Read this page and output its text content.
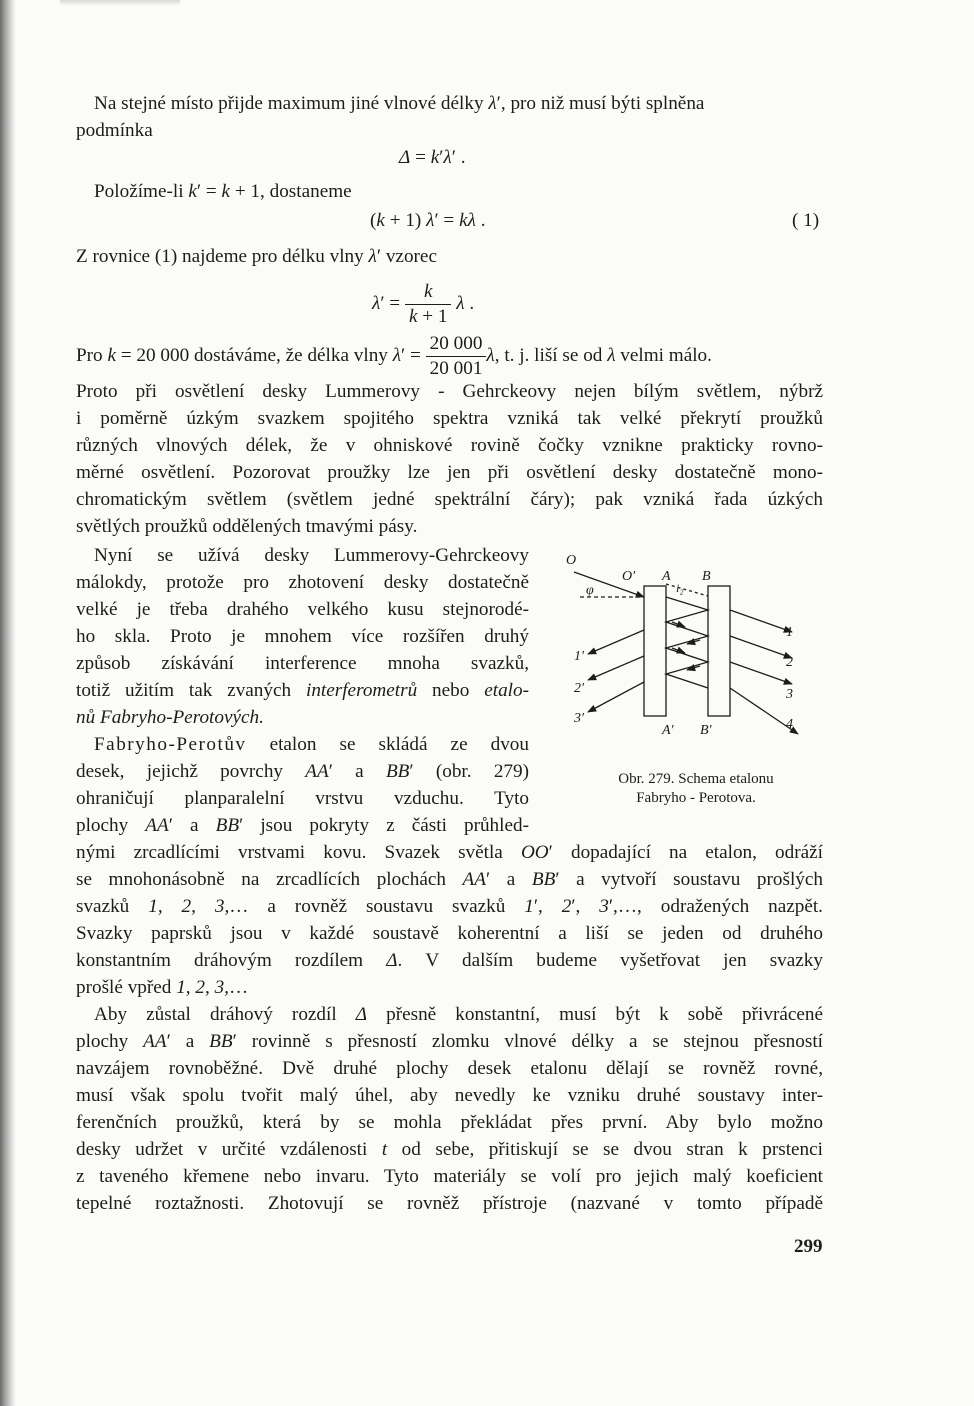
Na stejné místo přijde maximum jiné vlnové délky λ′, pro niž musí býti splněna
podmínka
Δ = k′λ′ .
Položíme-li k′ = k + 1, dostaneme
(k + 1) λ′ = kλ .	( 1)
Z rovnice (1) najdeme pro délku vlny λ′ vzorec
$\lambda' = \frac{k}{k + 1}$ λ .
Pro k = 20 000 dostáváme, že délka vlny $\lambda' = \frac{20 000}{20 001} \lambda$, t. j. liší se od λ velmi málo.
Proto při osvětlení desky Lummerovy - Gehrckeovy nejen bílým světlem, nýbrž
i poměrně úzkým svazkem spojitého spektra vzniká tak velké překrytí proužků
různých vlnových délek, že v ohniskové rovině čočky vznikne prakticky rovno-
měrné osvětlení. Pozorovat proužky lze jen při osvětlení desky dostatečně mono-
chromatickým světlem (světlem jedné spektrální čáry); pak vzniká řada úzkých
světlých proužků oddělených tmavými pásy.
Nyní se užívá desky Lummerovy-Gehrckeovy
málokdy, protože pro zhotovení desky dostatečně
velké je třeba drahého velkého kusu stejnorodé-
ho skla. Proto je mnohem více rozšířen druhý
způsob získávání interference mnoha svazků,
totiž užitím tak zvaných interferometrů nebo etalo-
nů Fabryho-Perotových.
Fabryho-Perotův etalon se skládá ze dvou
desek, jejichž povrchy AA′ a BB′ (obr. 279)
ohraničují planparalelní vrstvu vzduchu. Tyto
plochy AA′ a BB′ jsou pokryty z části průhled-
nými zrcadlícími vrstvami kovu. Svazek světla OO′ dopadající na etalon, odráží
se mnohonásobně na zrcadlících plochách AA′ a BB′ a vytvoří soustavu prošlých
svazků 1, 2, 3,… a rovněž soustavu svazků 1′, 2′, 3′,…, odražených nazpět.
Svazky paprsků jsou v každé soustavě koherentní a liší se jeden od druhého
konstantním dráhovým rozdílem Δ. V dalším budeme vyšetřovat jen svazky
prošlé vpřed 1, 2, 3,…
Aby zůstal dráhový rozdíl Δ přesně konstantní, musí být k sobě přivrácené
plochy AA′ a BB′ rovinně s přesností zlomku vlnové délky a se stejnou přesností
navzájem rovnoběžné. Dvě druhé plochy desek etalonu dělají se rovněž rovné,
musí však spolu tvořit malý úhel, aby nevedly ke vzniku druhé soustavy inter-
ferenčních proužků, která by se mohla překládat přes první. Aby bylo možno
desky udržet v určité vzdálenosti t od sebe, přitiskují se se dvou stran k prstenci
z taveného křemene nebo invaru. Tyto materiály se volí pro jejich malý koeficient
tepelné roztažnosti. Zhotovují se rovněž přístroje (nazvané v tomto případě
O
O′
φ
A
i₂
B
A′ B′
1
2
3
4
1′
2′
3′
Obr. 279. Schema etalonu
Fabryho - Perotova.
299
